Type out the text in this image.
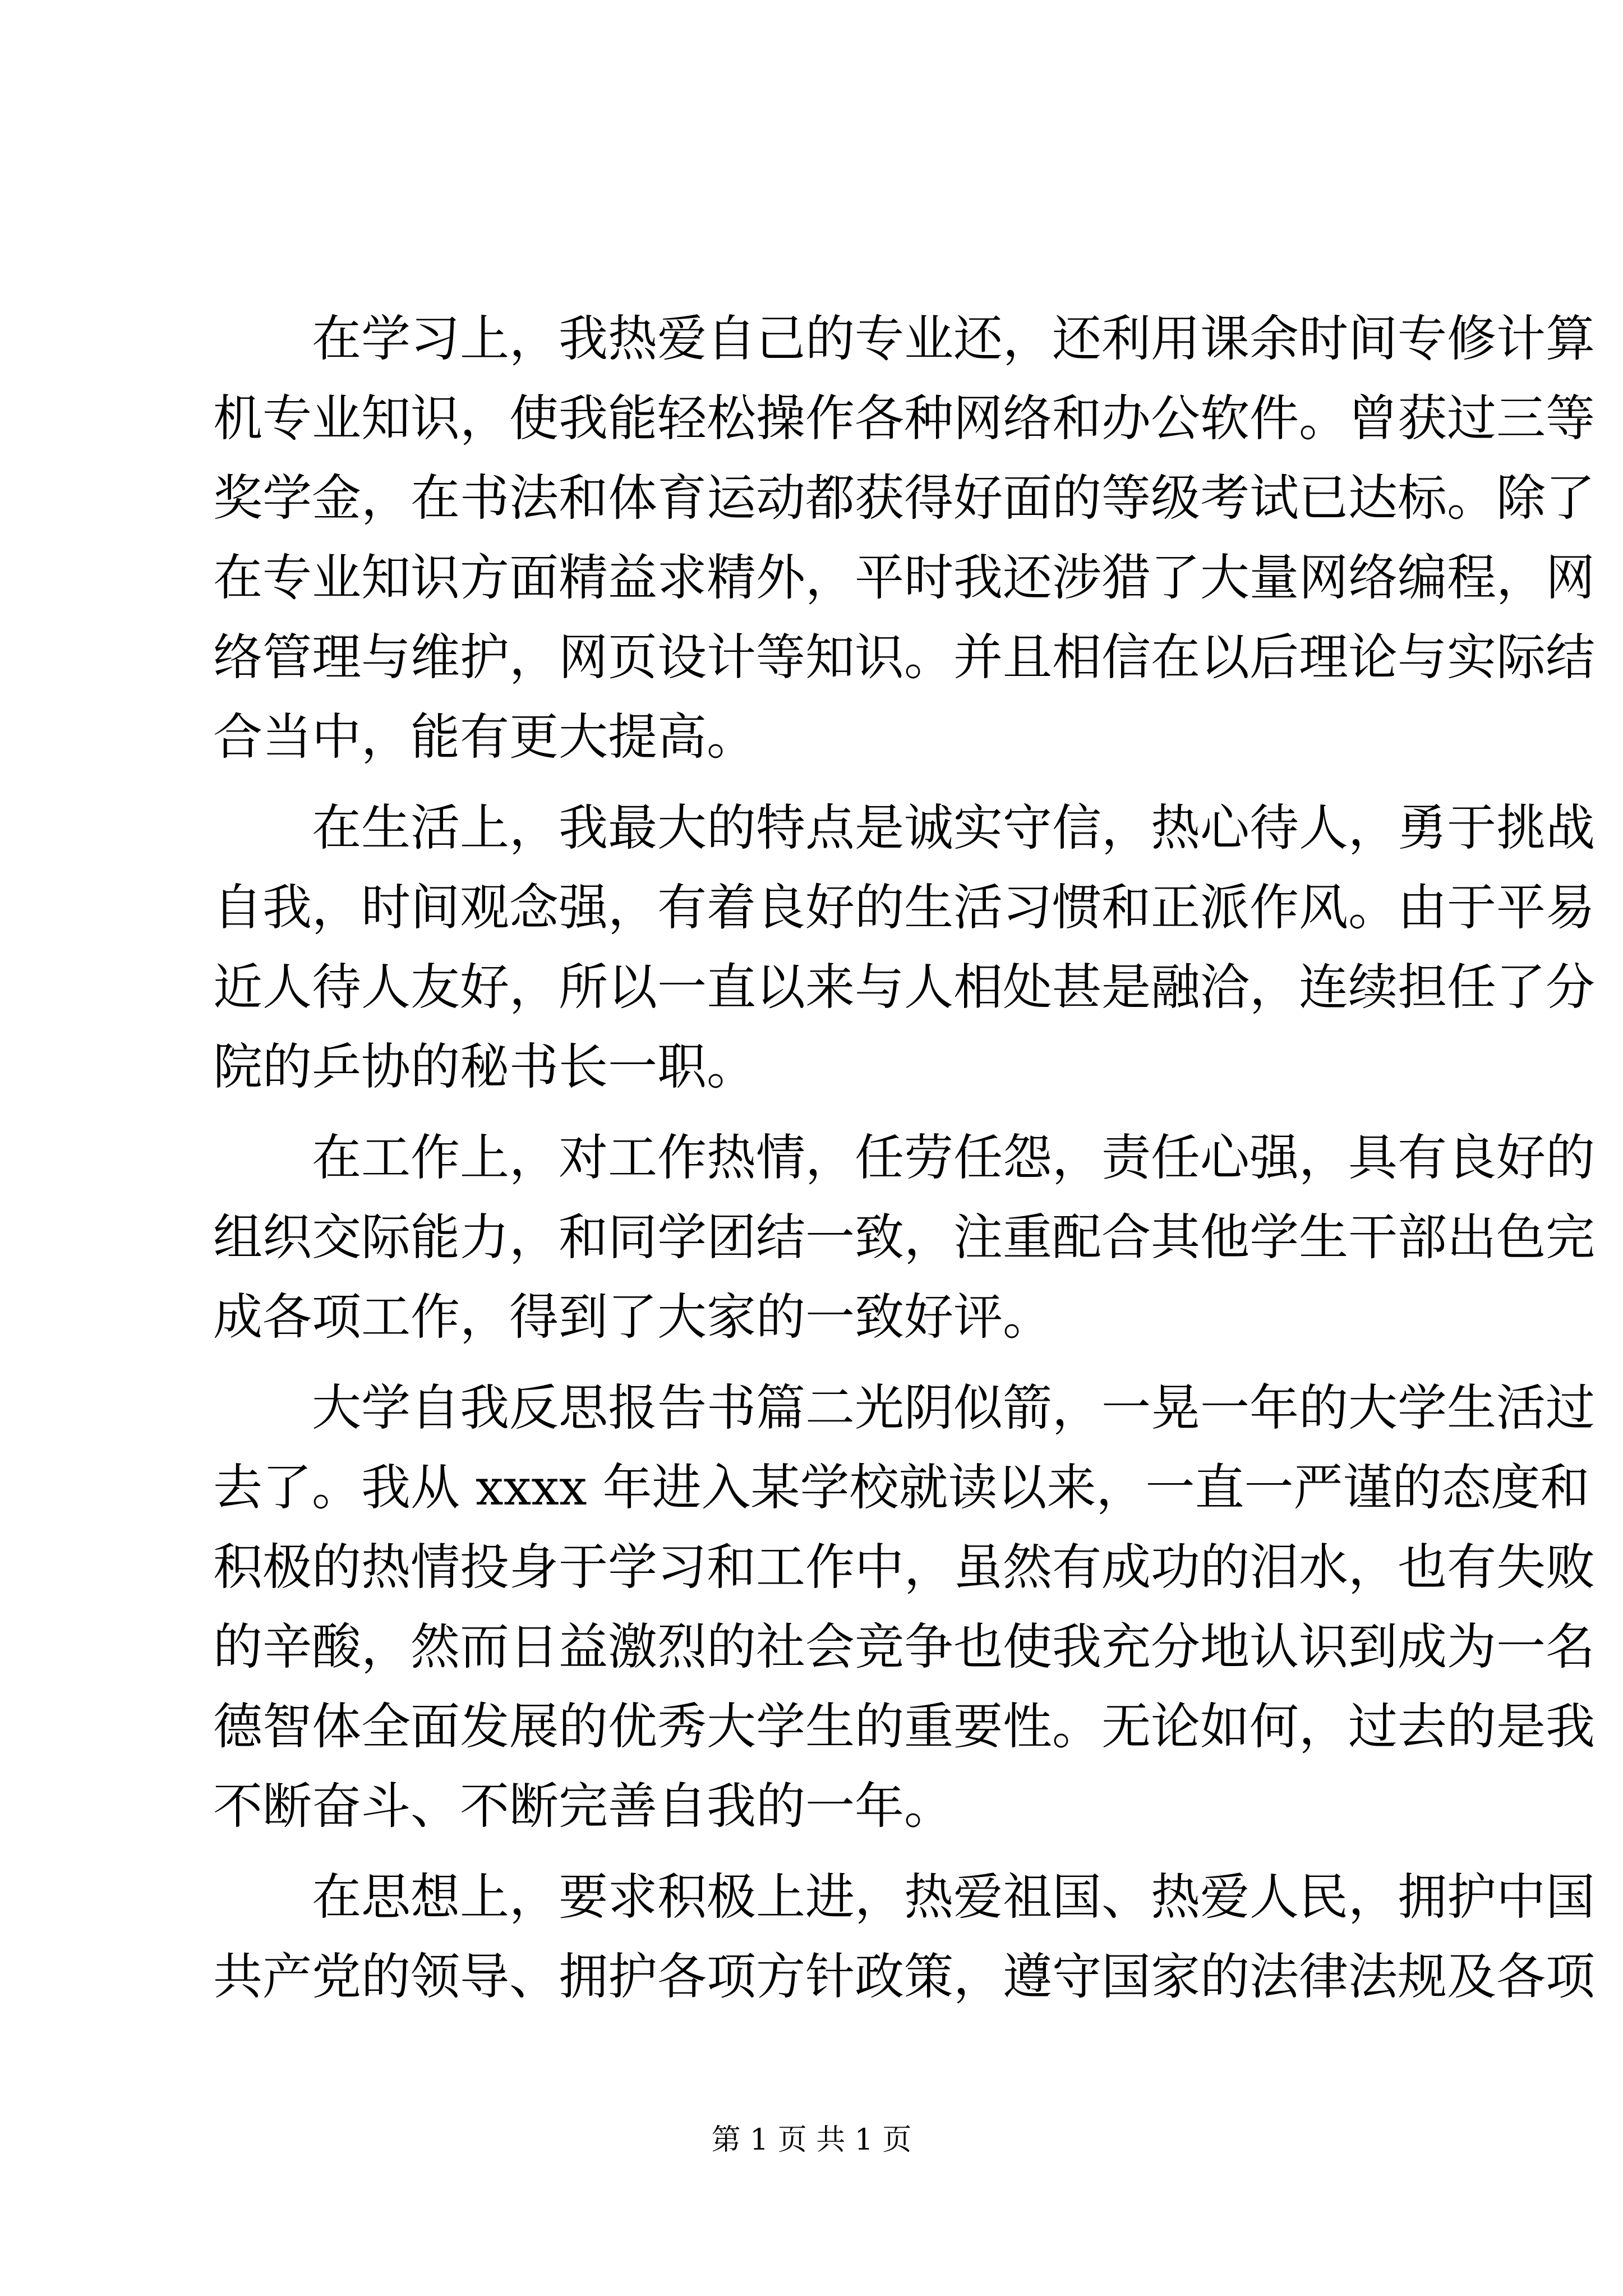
在学习上，我热爱自己的专业还，还利用课余时间专修计算
机专业知识，使我能轻松操作各种网络和办公软件。曾获过三等
奖学金，在书法和体育运动都获得好面的等级考试已达标。除了
在专业知识方面精益求精外，平时我还涉猎了大量网络编程，网
络管理与维护，网页设计等知识。并且相信在以后理论与实际结
合当中，能有更大提高。
在生活上，我最大的特点是诚实守信，热心待人，勇于挑战
自我，时间观念强，有着良好的生活习惯和正派作风。由于平易
近人待人友好，所以一直以来与人相处甚是融洽，连续担任了分
院的乒协的秘书长一职。
在工作上，对工作热情，任劳任怨，责任心强，具有良好的
组织交际能力，和同学团结一致，注重配合其他学生干部出色完
成各项工作，得到了大家的一致好评。
大学自我反思报告书篇二光阴似箭，一晃一年的大学生活过
去了。我从 xxxx 年进入某学校就读以来，一直一严谨的态度和
积极的热情投身于学习和工作中，虽然有成功的泪水，也有失败
的辛酸，然而日益激烈的社会竞争也使我充分地认识到成为一名
德智体全面发展的优秀大学生的重要性。无论如何，过去的是我
不断奋斗、不断完善自我的一年。
在思想上，要求积极上进，热爱祖国、热爱人民，拥护中国
共产党的领导、拥护各项方针政策，遵守国家的法律法规及各项
第 1 页 共 1 页
